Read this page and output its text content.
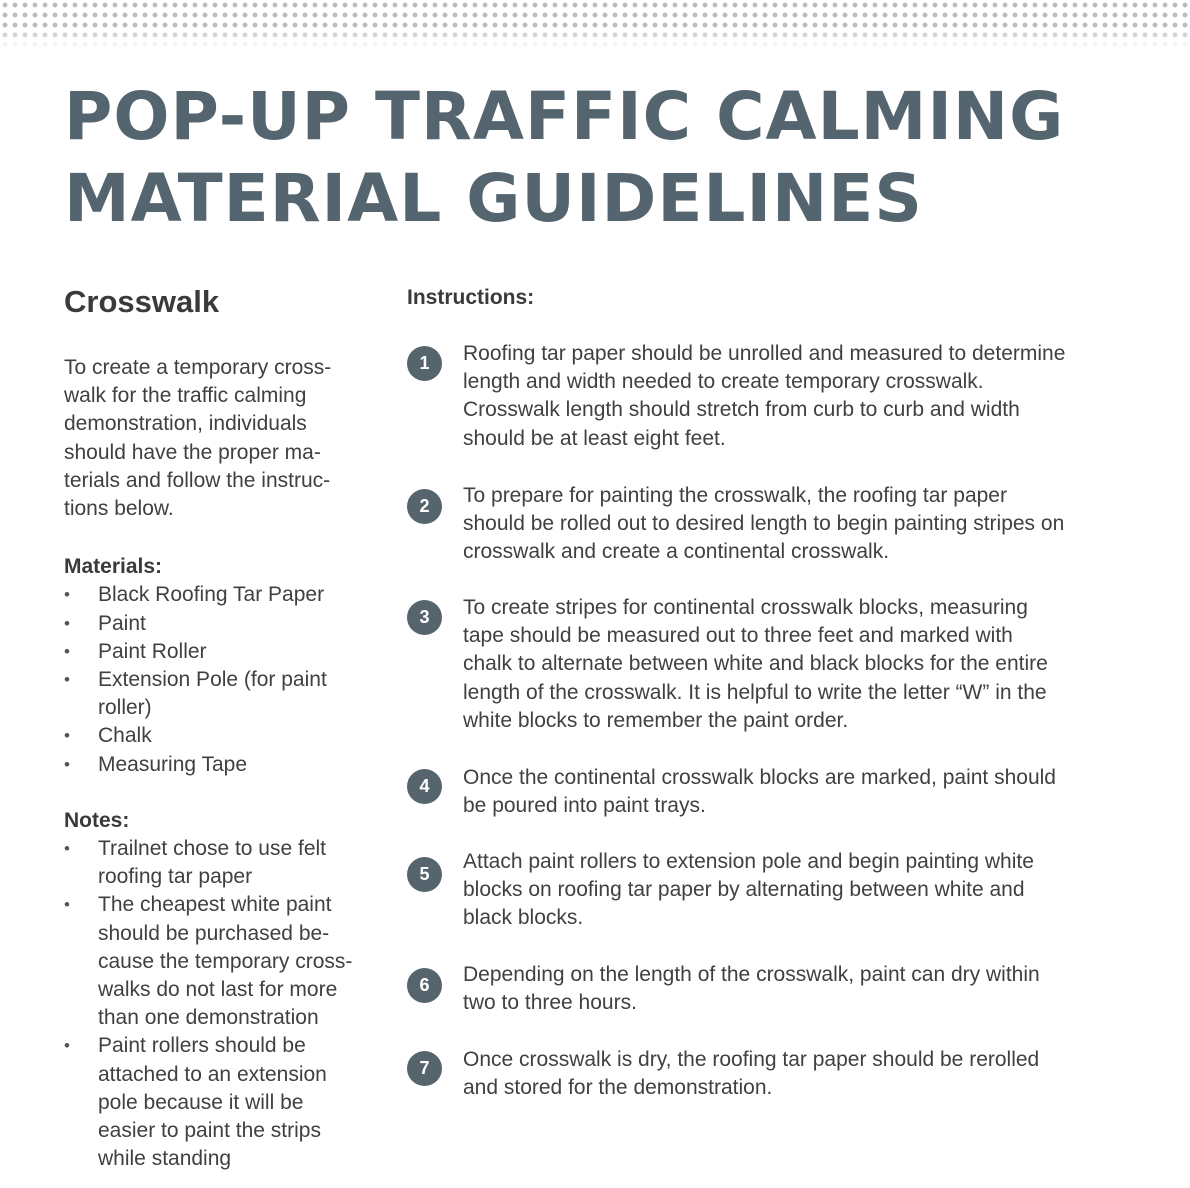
POP-UP TRAFFIC CALMING
MATERIAL GUIDELINES
Crosswalk

To create a temporary cross-walk for the traffic calming demonstration, individuals should have the proper ma-terials and follow the instruc-tions below.

Materials:
• Black Roofing Tar Paper
• Paint
• Paint Roller
• Extension Pole (for paint roller)
• Chalk
• Measuring Tape
Notes:
• Trailnet chose to use felt roofing tar paper
• The cheapest white paint should be purchased be-cause the temporary cross-walks do not last for more than one demonstration
• Paint rollers should be attached to an extension pole because it will be easier to paint the strips while standing
Instructions:
1	Roofing tar paper should be unrolled and measured to determine length and width needed to create temporary crosswalk. Crosswalk length should stretch from curb to curb and width should be at least eight feet.

2	To prepare for painting the crosswalk, the roofing tar paper should be rolled out to desired length to begin painting stripes on crosswalk and create a continental crosswalk.

3	To create stripes for continental crosswalk blocks, measuring tape should be measured out to three feet and marked with chalk to alternate between white and black blocks for the entire length of the crosswalk. It is helpful to write the letter “W” in the white blocks to remember the paint order.

4	Once the continental crosswalk blocks are marked, paint should be poured into paint trays.

5

Attach paint rollers to extension pole and begin painting white blocks on roofing tar paper by alternating between white and black blocks.

6	Depending on the length of the crosswalk, paint can dry within two to three hours.

7	Once crosswalk is dry, the roofing tar paper should be rerolled and stored for the demonstration.
